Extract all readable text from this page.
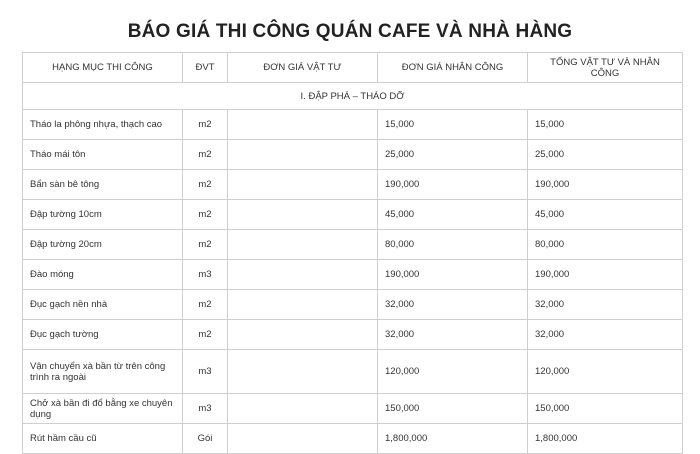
BÁO GIÁ THI CÔNG QUÁN CAFE VÀ NHÀ HÀNG
HẠNG MỤC THI CÔNG	ĐVT	ĐƠN GIÁ VẬT TƯ	ĐƠN GIÁ NHÂN CÔNG	TỔNG VẬT TƯ VÀ NHÂN CÔNG
I. ĐẬP PHÁ – THÁO DỠ				
Tháo la phông nhựa, thạch cao	m2		15,000	15,000
Tháo mái tôn	m2		25,000	25,000
Bẩn sàn bê tông	m2		190,000	190,000
Đập tường 10cm	m2		45,000	45,000
Đập tường 20cm	m2		80,000	80,000
Đào móng	m3		190,000	190,000
Đục gạch nền nhà	m2		32,000	32,000
Đục gạch tường	m2		32,000	32,000
Vận chuyển xà bần từ trên công trình ra ngoài	m3		120,000	120,000
Chở xà bần đi đổ bằng xe chuyên dụng	m3		150,000	150,000
Rút hầm cầu cũ	Gói		1,800,000	1,800,000
